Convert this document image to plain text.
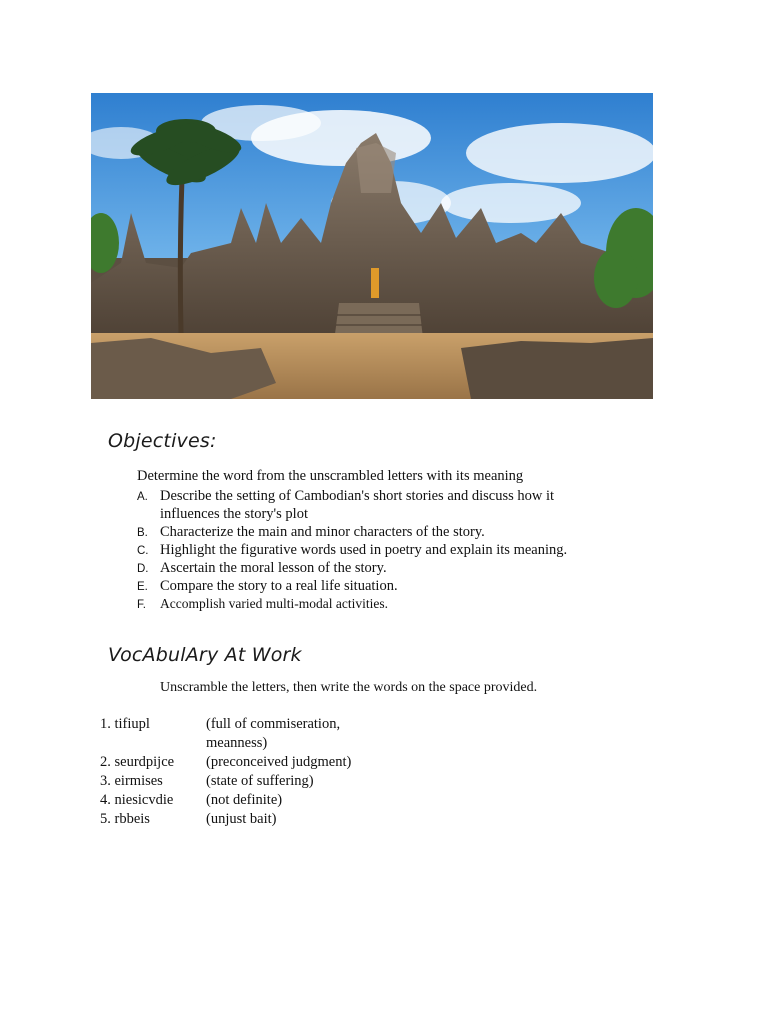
Objectives:
Determine the word from the unscrambled letters with its meaning
A. Describe the setting of Cambodian's short stories and discuss how it influences the story's plot
B. Characterize the main and minor characters of the story.
C. Highlight the figurative words used in poetry and explain its meaning.
D. Ascertain the moral lesson of the story.
E. Compare the story to a real life situation.
F. Accomplish varied multi-modal activities.
VocAbulAry At Work
Unscramble the letters, then write the words on the space provided.
1. tifiupl	(full of commiseration, meanness)
2. seurdpijce	(preconceived judgment)
3. eirmises	(state of suffering)
4. niesicvdie	(not definite)
5. rbbeis	(unjust bait)
